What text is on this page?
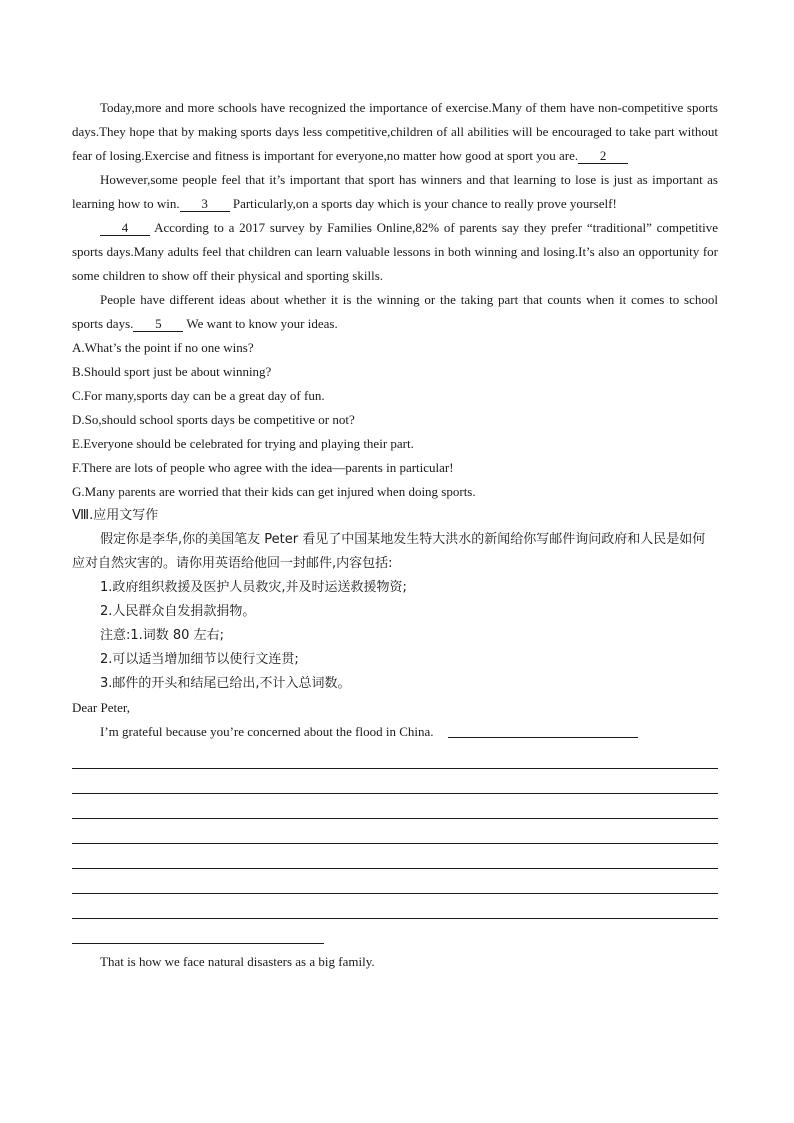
Today,more and more schools have recognized the importance of exercise.Many of them have non-competitive sports days.They hope that by making sports days less competitive,children of all abilities will be encouraged to take part without fear of losing.Exercise and fitness is important for everyone,no matter how good at sport you are. 2

However,some people feel that it’s important that sport has winners and that learning to lose is just as important as learning how to win. 3 Particularly,on a sports day which is your chance to really prove yourself!

4 According to a 2017 survey by Families Online,82% of parents say they prefer “traditional” competitive sports days.Many adults feel that children can learn valuable lessons in both winning and losing.It’s also an opportunity for some children to show off their physical and sporting skills.

People have different ideas about whether it is the winning or the taking part that counts when it comes to school sports days. 5 We want to know your ideas.

A.What’s the point if no one wins?

B.Should sport just be about winning?

C.For many,sports day can be a great day of fun.

D.So,should school sports days be competitive or not?

E.Everyone should be celebrated for trying and playing their part.

F.There are lots of people who agree with the idea—parents in particular!

G.Many parents are worried that their kids can get injured when doing sports.

Ⅷ.应用文写作

假定你是李华,你的美国笔友 Peter 看见了中国某地发生特大洪水的新闻给你写邮件询问政府和人民是如何应对自然灾害的。请你用英语给他回一封邮件,内容包括:

1.政府组织救援及医护人员救灾,并及时运送救援物资;

2.人民群众自发捐款捐物。

注意:1.词数 80 左右;

2.可以适当增加细节以使行文连贯;

3.邮件的开头和结尾已给出,不计入总词数。

Dear Peter,

I’m grateful because you’re concerned about the flood in China.

That is how we face natural disasters as a big family.
